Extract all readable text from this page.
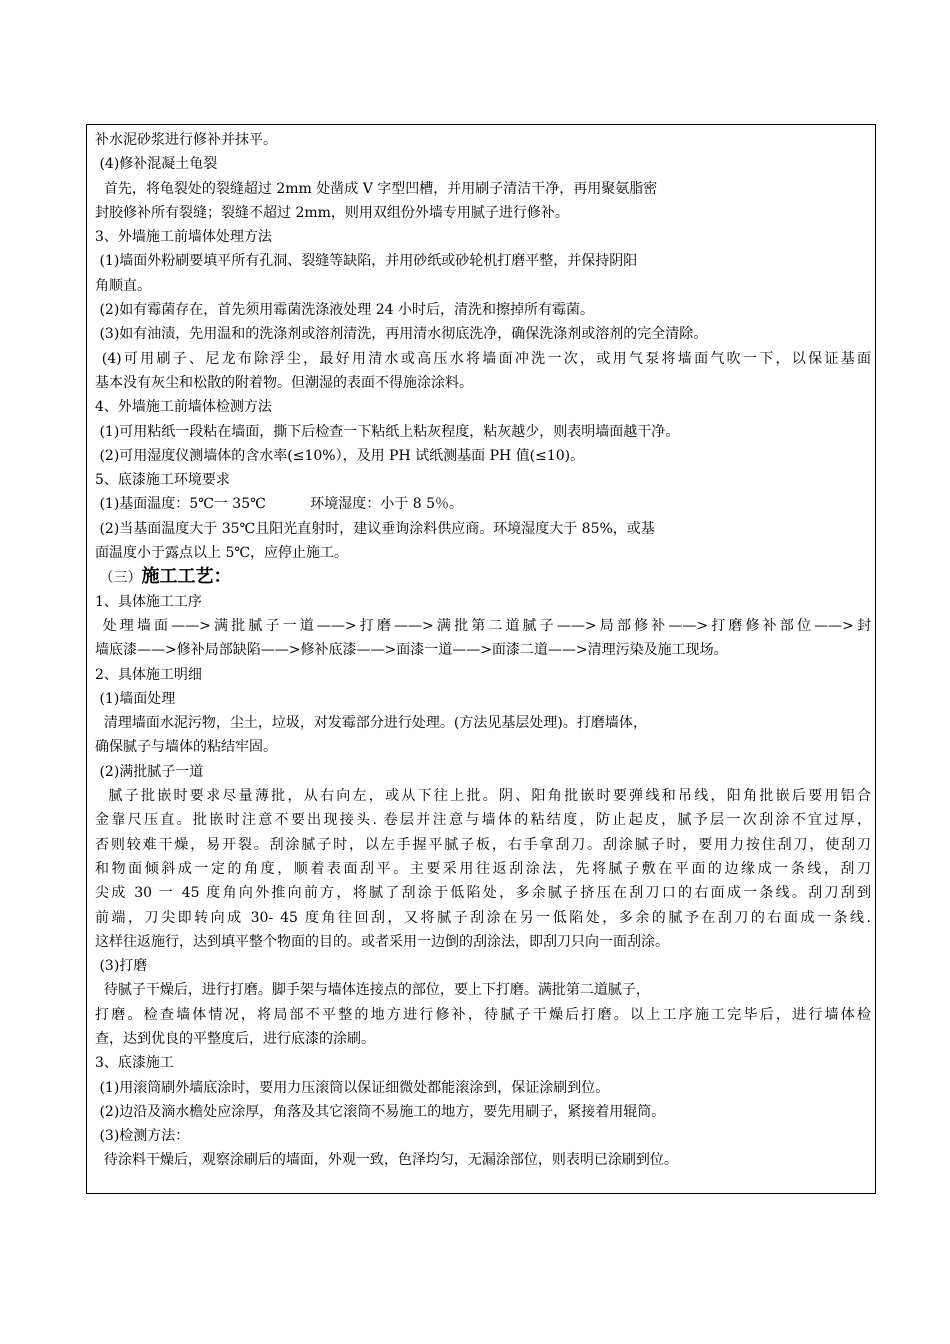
补水泥砂浆进行修补并抹平。
(4)修补混凝土龟裂
首先，将龟裂处的裂缝超过 2mm 处凿成 V 字型凹槽，并用刷子清洁干净，再用聚氨脂密
封胶修补所有裂缝；裂缝不超过 2mm，则用双组份外墙专用腻子进行修补。
3、外墙施工前墙体处理方法
(1)墙面外粉刷要填平所有孔洞、裂缝等缺陷，并用砂纸或砂轮机打磨平整，并保持阴阳
角顺直。
(2)如有霉菌存在，首先须用霉菌洗涤液处理 24 小时后，清洗和擦掉所有霉菌。
(3)如有油渍，先用温和的洗涤剂或溶剂清洗，再用清水彻底洗净，确保洗涤剂或溶剂的完全清除。
(4)可用刷子、尼龙布除浮尘，最好用清水或高压水将墙面冲洗一次，或用气泵将墙面气吹一下，以保证基面
基本没有灰尘和松散的附着物。但潮湿的表面不得施涂涂料。
4、外墙施工前墙体检测方法
(1)可用粘纸一段粘在墙面，撕下后检查一下粘纸上粘灰程度，粘灰越少，则表明墙面越干净。
(2)可用湿度仪测墙体的含水率(≤10%），及用 PH 试纸测基面 PH 值(≤10)。
5、底漆施工环境要求
(1)基面温度：5℃一 35℃          环境湿度：小于 8 5％。
(2)当基面温度大于 35℃且阳光直射时，建议垂询涂料供应商。环境湿度大于 85%，或基
面温度小于露点以上 5℃，应停止施工。
（三）施工工艺：
1、具体施工工序
处理墙面——>满批腻子一道——>打磨——>满批第二道腻子——>局部修补——>打磨修补部位——>封
墙底漆——>修补局部缺陷——>修补底漆——>面漆一道——>面漆二道——>清理污染及施工现场。
2、具体施工明细
(1)墙面处理
清理墙面水泥污物，尘土，垃圾，对发霉部分进行处理。(方法见基层处理)。打磨墙体，
确保腻子与墙体的粘结牢固。
(2)满批腻子一道
腻子批嵌时要求尽量薄批，从右向左，或从下往上批。阴、阳角批嵌时要弹线和吊线，阳角批嵌后要用铝合
金靠尺压直。批嵌时注意不要出现接头. 卷层并注意与墙体的粘结度，防止起皮，腻予层一次刮涂不宜过厚，
否则较难干燥，易开裂。刮涂腻子时，以左手握平腻子板，右手拿刮刀。刮涂腻子时，要用力按住刮刀，使刮刀
和物面倾斜成一定的角度，顺着表面刮平。主要采用往返刮涂法，先将腻子敷在平面的边缘成一条线，刮刀
尖成 30 一 45 度角向外推向前方，将腻了刮涂于低陷处，多余腻子挤压在刮刀口的右面成一条线。刮刀刮到
前端，刀尖即转向成 30- 45 度角往回刮，又将腻子刮涂在另一低陷处，多余的腻予在刮刀的右面成一条线.
这样往返施行，达到填平整个物面的目的。或者采用一边倒的刮涂法，即刮刀只向一面刮涂。
(3)打磨
待腻子干燥后，进行打磨。脚手架与墙体连接点的部位，要上下打磨。满批第二道腻子，
打磨。检查墙体情况，将局部不平整的地方进行修补，待腻子干燥后打磨。以上工序施工完毕后，进行墙体检
查，达到优良的平整度后，进行底漆的涂刷。
3、底漆施工
(1)用滚筒刷外墙底涂时，要用力压滚筒以保证细微处都能滚涂到，保证涂刷到位。
(2)边沿及滴水檐处应涂厚，角落及其它滚筒不易施工的地方，要先用刷子，紧接着用辊筒。
(3)检测方法：
待涂料干燥后，观察涂刷后的墙面，外观一致，色泽均匀，无漏涂部位，则表明已涂刷到位。
